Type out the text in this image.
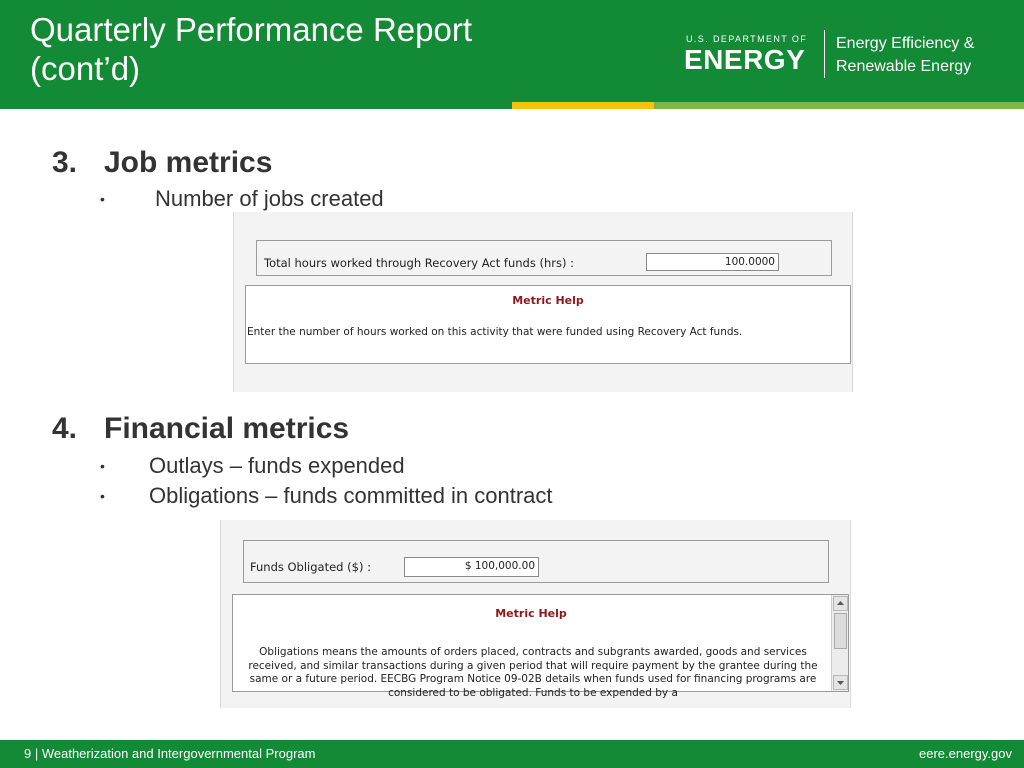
Quarterly Performance Report (cont’d)
U.S. DEPARTMENT OF
ENERGY
Energy Efficiency &
Renewable Energy
3. Job metrics
• Number of jobs created
Total hours worked through Recovery Act funds (hrs) :	100.0000
Metric Help
Enter the number of hours worked on this activity that were funded using Recovery Act funds.
4. Financial metrics
• Outlays – funds expended
• Obligations – funds committed in contract
Funds Obligated ($) :	$ 100,000.00
Metric Help
Obligations means the amounts of orders placed, contracts and subgrants awarded, goods and services received, and similar transactions during a given period that will require payment by the grantee during the same or a future period. EECBG Program Notice 09-02B details when funds used for financing programs are considered to be obligated. Funds to be expended by a
9 | Weatherization and Intergovernmental Program	eere.energy.gov
